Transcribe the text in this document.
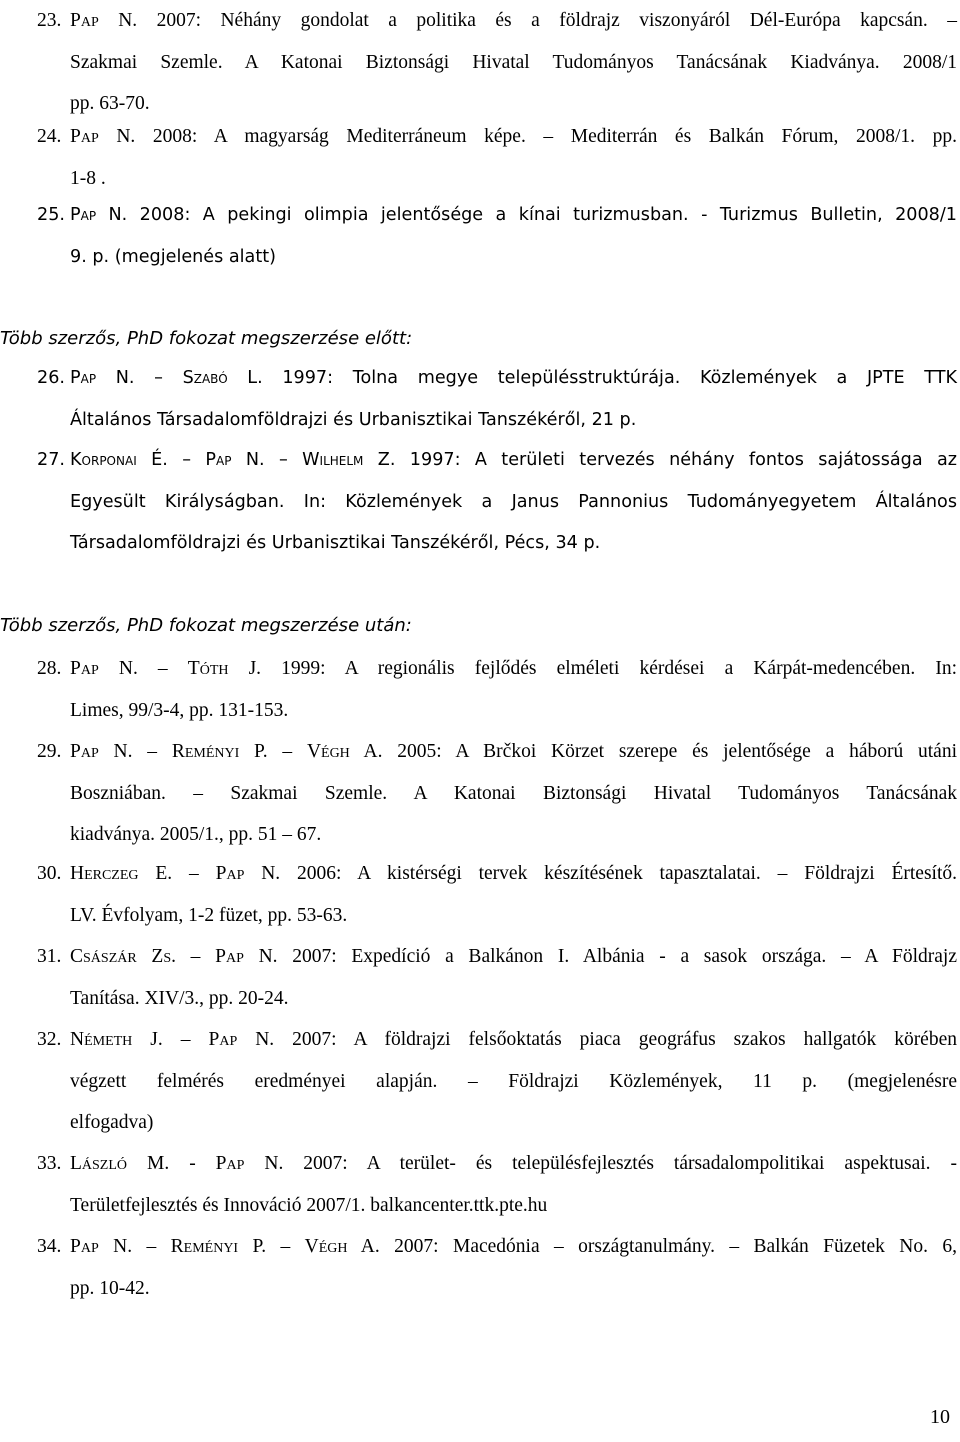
23. Pap N. 2007: Néhány gondolat a politika és a földrajz viszonyáról Dél-Európa kapcsán. –
Szakmai Szemle. A Katonai Biztonsági Hivatal Tudományos Tanácsának Kiadványa. 2008/1
pp. 63-70.
24. Pap N. 2008: A magyarság Mediterráneum képe. – Mediterrán és Balkán Fórum, 2008/1. pp.
1-8 .
25. Pap N. 2008: A pekingi olimpia jelentősége a kínai turizmusban. - Turizmus Bulletin, 2008/1
9. p. (megjelenés alatt)
Több szerzős, PhD fokozat megszerzése előtt:
26. Pap N. – Szabó L. 1997: Tolna megye településstruktúrája. Közlemények a JPTE TTK
Általános Társadalomföldrajzi és Urbanisztikai Tanszékéről, 21 p.
27. Korponai É. – Pap N. – Wilhelm Z. 1997: A területi tervezés néhány fontos sajátossága az
Egyesült Királyságban. In: Közlemények a Janus Pannonius Tudományegyetem Általános
Társadalomföldrajzi és Urbanisztikai Tanszékéről, Pécs, 34 p.
Több szerzős, PhD fokozat megszerzése után:
28. Pap N. – Tóth J. 1999: A regionális fejlődés elméleti kérdései a Kárpát-medencében. In:
Limes, 99/3-4, pp. 131-153.
29. Pap N. – Reményi P. – Végh A. 2005: A Brčkoi Körzet szerepe és jelentősége a háború utáni
Boszniában. – Szakmai Szemle. A Katonai Biztonsági Hivatal Tudományos Tanácsának
kiadványa. 2005/1., pp. 51 – 67.
30. Herczeg E. – Pap N. 2006: A kistérségi tervek készítésének tapasztalatai. – Földrajzi Értesítő.
LV. Évfolyam, 1-2 füzet, pp. 53-63.
31. Császár Zs. – Pap N. 2007: Expedíció a Balkánon I. Albánia - a sasok országa. – A Földrajz
Tanítása. XIV/3., pp. 20-24.
32. Németh J. – Pap N. 2007: A földrajzi felsőoktatás piaca geográfus szakos hallgatók körében
végzett felmérés eredményei alapján. – Földrajzi Közlemények, 11 p. (megjelenésre
elfogadva)
33. László M. - Pap N. 2007: A terület- és településfejlesztés társadalompolitikai aspektusai. -
Területfejlesztés és Innováció 2007/1. balkancenter.ttk.pte.hu
34. Pap N. – Reményi P. – Végh A. 2007: Macedónia – országtanulmány. – Balkán Füzetek No. 6,
pp. 10-42.
10
